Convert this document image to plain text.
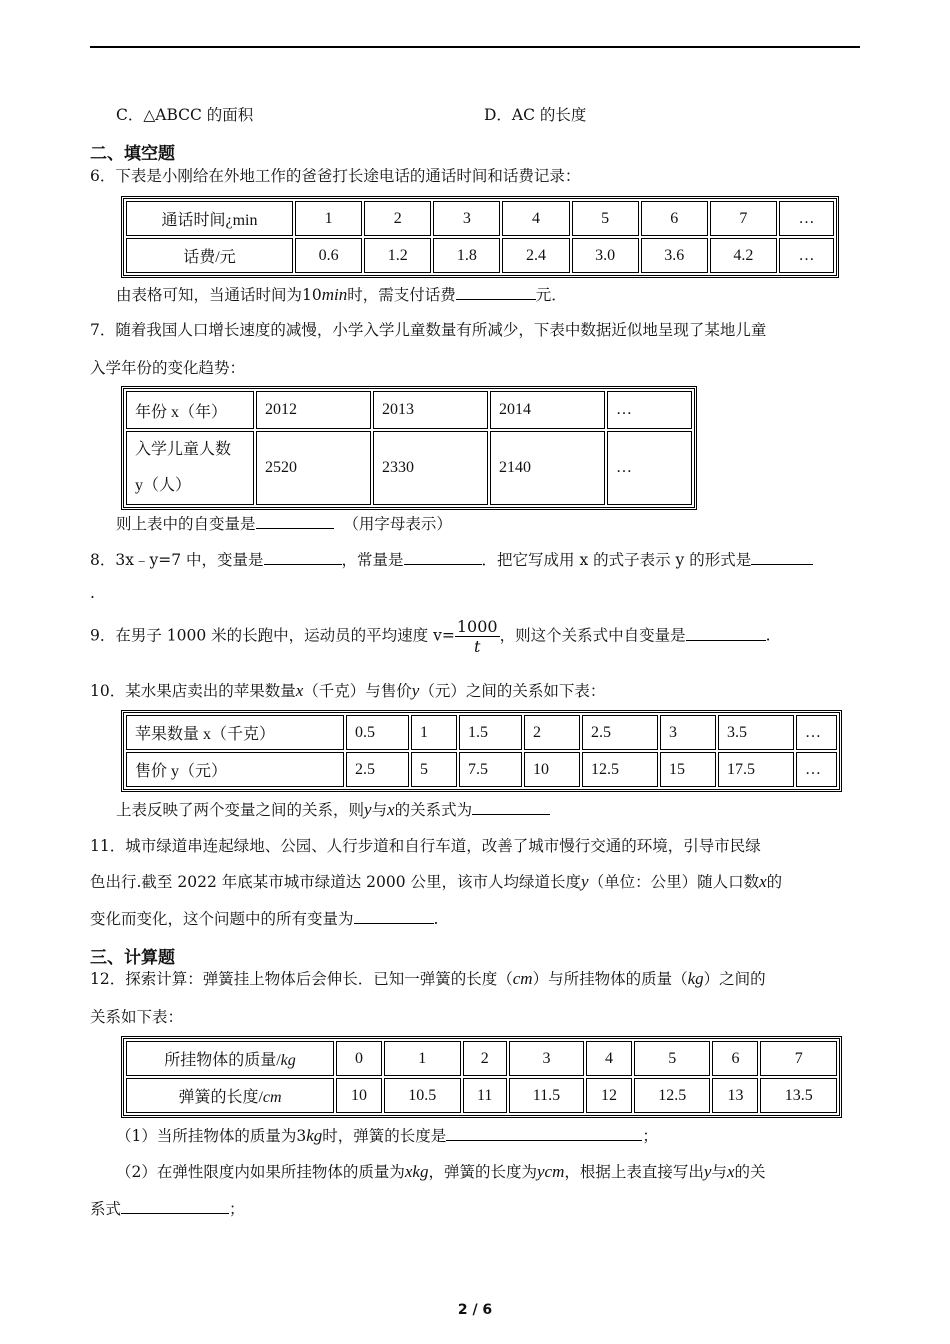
C．△ABCC 的面积	D．AC 的长度
二、填空题
6．下表是小刚给在外地工作的爸爸打长途电话的通话时间和话费记录：
通话时间¿min	1	2	3	4	5	6	7	…
话费/元	0.6	1.2	1.8	2.4	3.0	3.6	4.2	…
由表格可知，当通话时间为10min时，需支付话费	元．
7．随着我国人口增长速度的减慢，小学入学儿童数量有所减少，下表中数据近似地呈现了某地儿童
入学年份的变化趋势：
年份 x（年）	2012	2013	2014	…

入学儿童人数
y（人）	2520	2330	2140	…
则上表中的自变量是	（用字母表示）
8．3x﹣y=7 中，变量是	，常量是	．把它写成用 x 的式子表示 y 的形式是
.
9．在男子 1000 米的长跑中，运动员的平均速度 $v= \frac{1000}{t}$ ，则这个关系式中自变量是	.
10．某水果店卖出的苹果数量x（千克）与售价y（元）之间的关系如下表：
苹果数量 x（千克）	0.5	1	1.5	2	2.5	3	3.5	…
售价 y（元）	2.5	5	7.5	10	12.5	15	17.5	…
上表反映了两个变量之间的关系，则y与x的关系式为
11．城市绿道串连起绿地、公园、人行步道和自行车道，改善了城市慢行交通的环境，引导市民绿
色出行.截至 2022 年底某市城市绿道达 2000 公里，该市人均绿道长度y（单位：公里）随人口数x的
变化而变化，这个问题中的所有变量为	.
三、计算题
12．探索计算：弹簧挂上物体后会伸长．已知一弹簧的长度（cm）与所挂物体的质量（kg）之间的
关系如下表：
所挂物体的质量/kg	0	1	2	3	4	5	6	7
弹簧的长度/cm	10	10.5	11	11.5	12	12.5	13	13.5
（1）当所挂物体的质量为3kg时，弹簧的长度是	；
（2）在弹性限度内如果所挂物体的质量为xkg，弹簧的长度为ycm，根据上表直接写出y与x的关
系式	；
2 / 6
